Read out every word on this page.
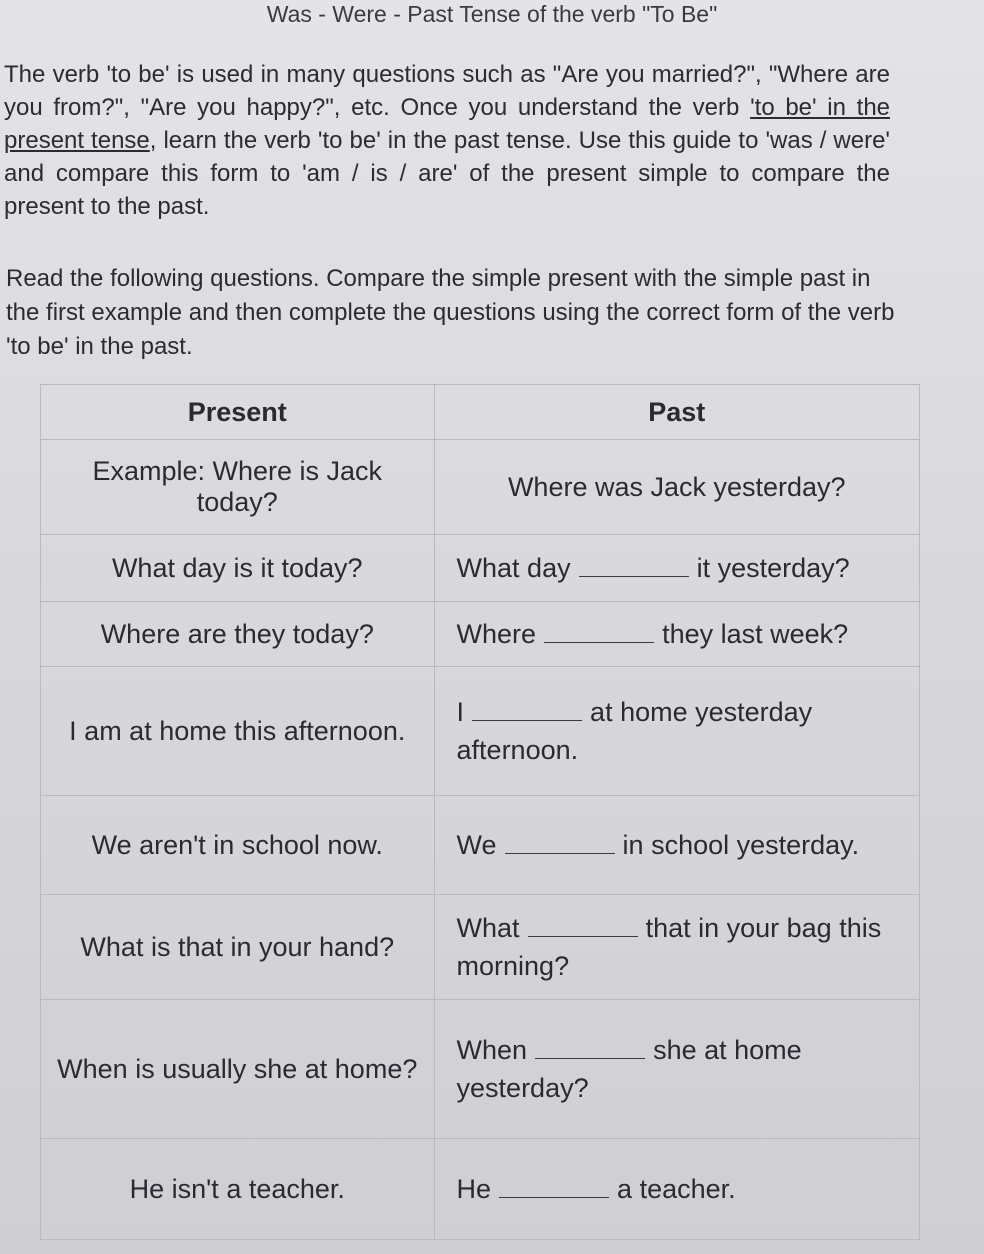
Was - Were - Past Tense of the verb "To Be"

The verb 'to be' is used in many questions such as "Are you married?", "Where are you from?", "Are you happy?", etc. Once you understand the verb 'to be' in the present tense, learn the verb 'to be' in the past tense. Use this guide to 'was / were' and compare this form to 'am / is / are' of the present simple to compare the present to the past.

Read the following questions. Compare the simple present with the simple past in the first example and then complete the questions using the correct form of the verb 'to be' in the past.

Present	Past
Example: Where is Jack today?	Where was Jack yesterday?
What day is it today?	What day it yesterday?
Where are they today?	Where they last week?
I am at home this afternoon.	I at home yesterday afternoon.
We aren't in school now.	We in school yesterday.
What is that in your hand?	What that in your bag this morning?
When is usually she at home?	When she at home yesterday?
He isn't a teacher.	He a teacher.
